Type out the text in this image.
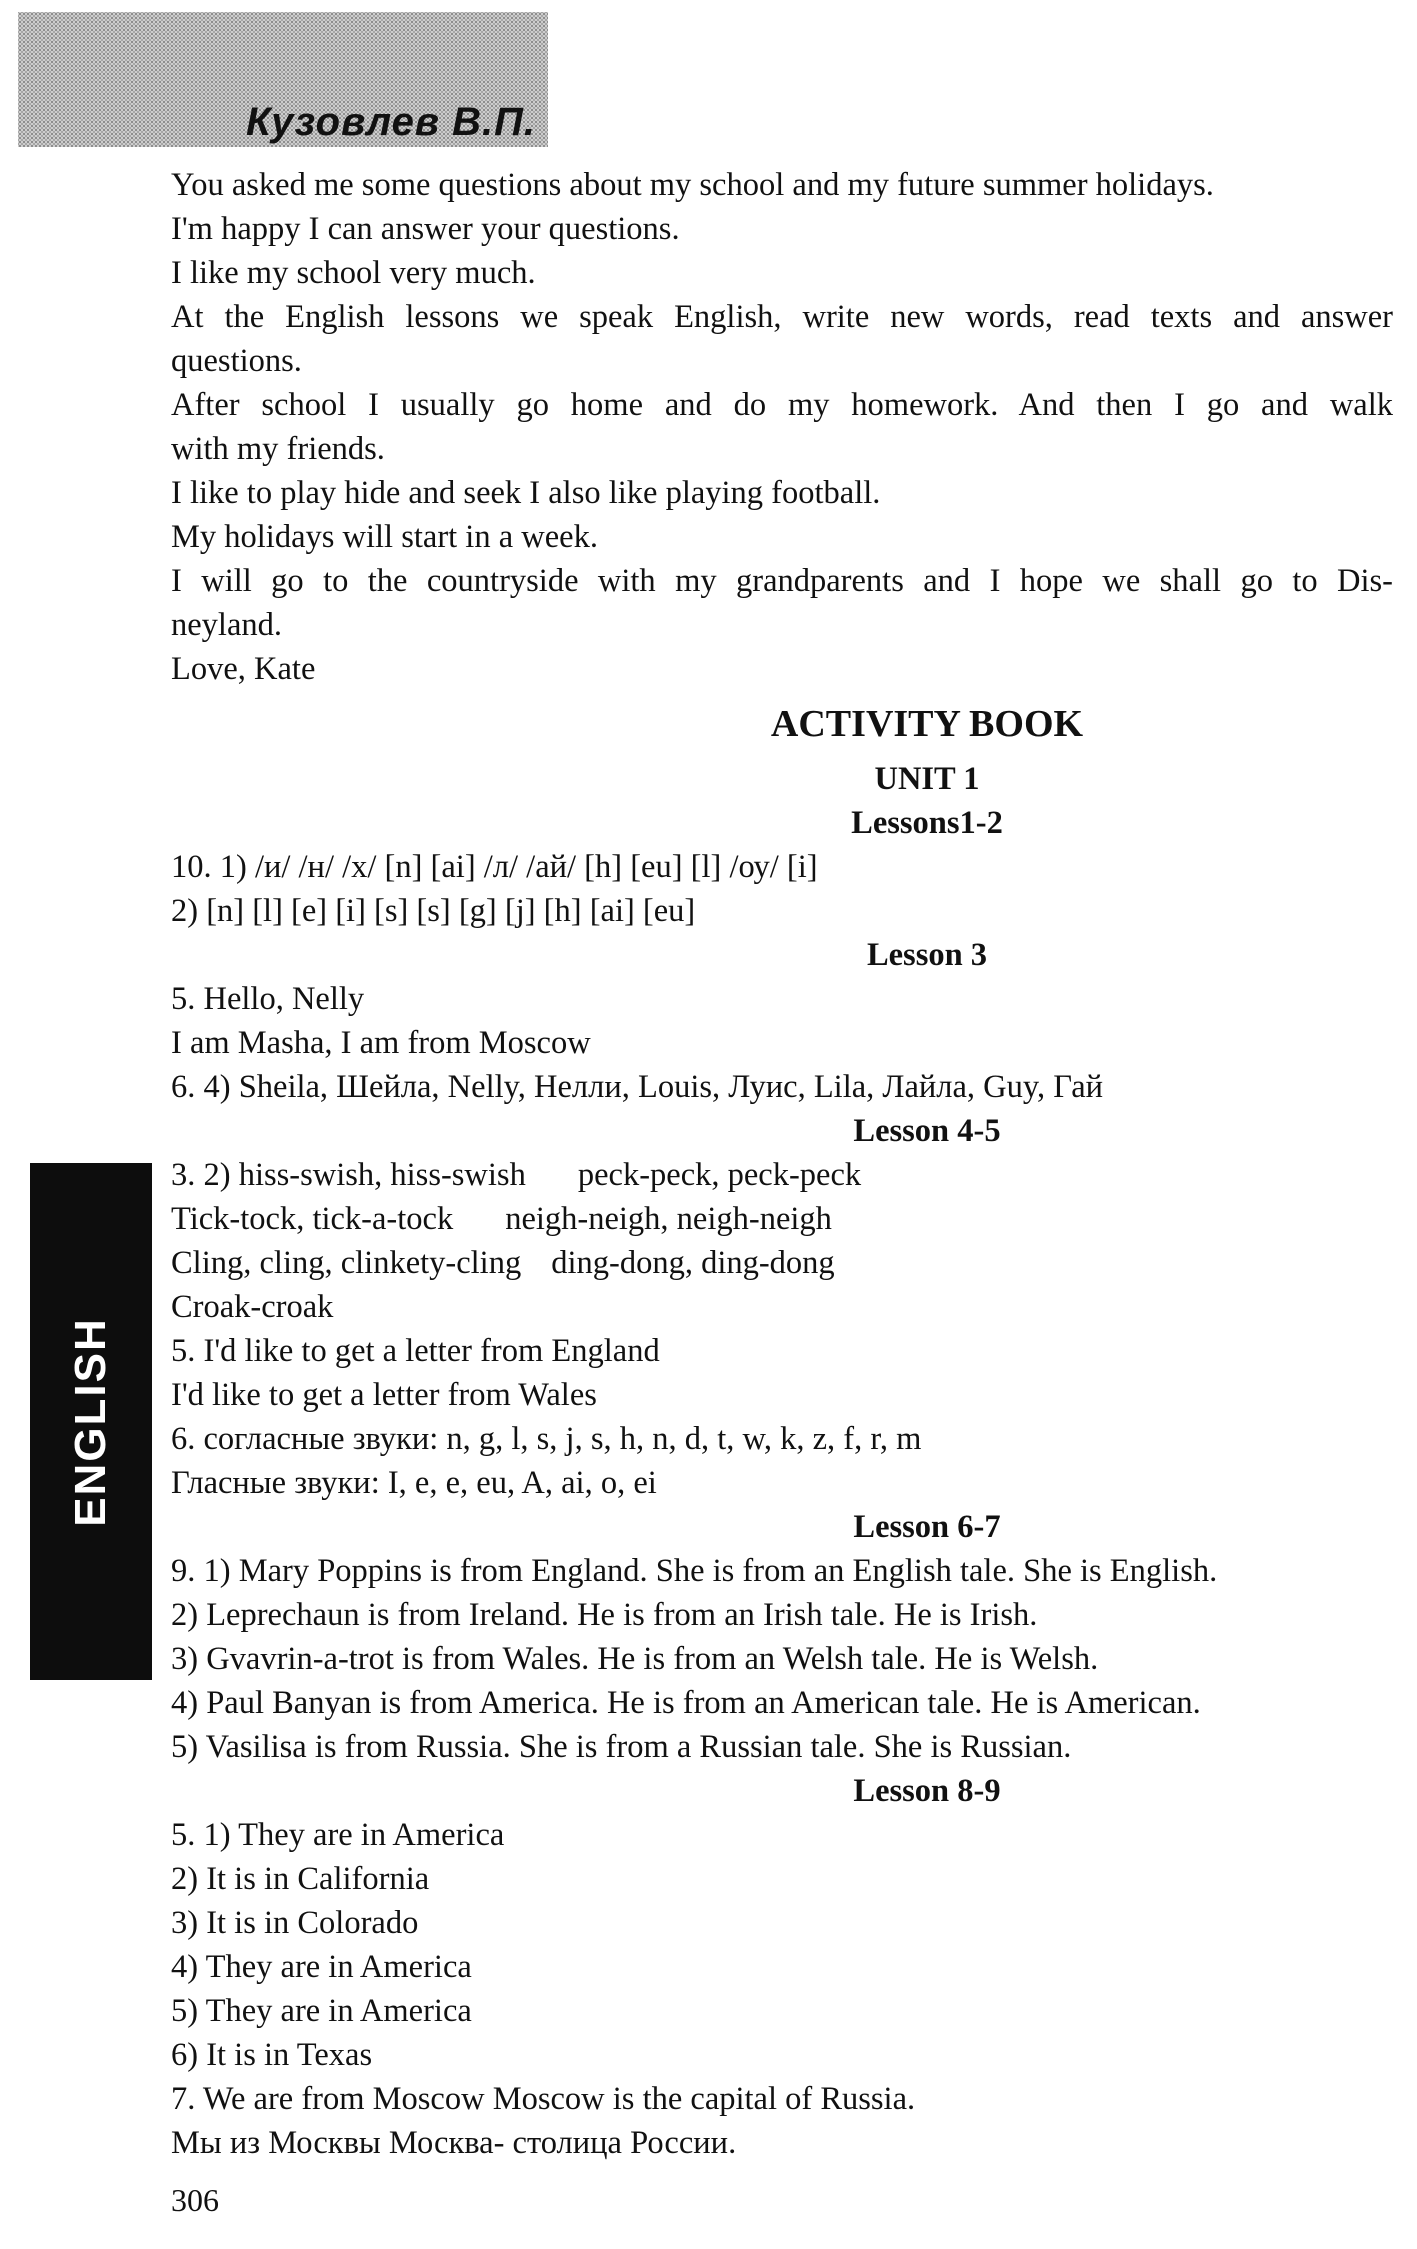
Кузовлев В.П.
ENGLISH
You asked me some questions about my school and my future summer holidays.
I'm happy I can answer your questions.
I like my school very much.
At the English lessons we speak English, write new words, read texts and answer
questions.
After school I usually go home and do my homework. And then I go and walk
with my friends.
I like to play hide and seek I also like playing football.
My holidays will start in a week.
I will go to the countryside with my grandparents and I hope we shall go to Dis-
neyland.
Love, Kate
ACTIVITY BOOK
UNIT 1
Lessons1-2
10. 1) /и/ /н/ /х/ [n] [ai] /л/ /ай/ [h] [eu] [l] /оу/ [i]
2) [n] [l] [e] [i] [s] [s] [g] [j] [h] [ai] [eu]
Lesson 3
5. Hello, Nelly
I am Masha, I am from Moscow
6. 4) Sheila, Шейла, Nelly, Нелли, Louis, Луис, Lila, Лайла, Guy, Гай
Lesson 4-5
3. 2) hiss-swish, hiss-swish peck-peck, peck-peck
Tick-tock, tick-a-tock neigh-neigh, neigh-neigh
Cling, cling, clinkety-cling ding-dong, ding-dong
Croak-croak
5. I'd like to get a letter from England
I'd like to get a letter from Wales
6. согласные звуки: n, g, l, s, j, s, h, n, d, t, w, k, z, f, r, m
Гласные звуки: I, e, e, eu, A, ai, o, ei
Lesson 6-7
9. 1) Mary Poppins is from England. She is from an English tale. She is English.
2) Leprechaun is from Ireland. He is from an Irish tale. He is Irish.
3) Gvavrin-a-trot is from Wales. He is from an Welsh tale. He is Welsh.
4) Paul Banyan is from America. He is from an American tale. He is American.
5) Vasilisa is from Russia. She is from a Russian tale. She is Russian.
Lesson 8-9
5. 1) They are in America
2) It is in California
3) It is in Colorado
4) They are in America
5) They are in America
6) It is in Texas
7. We are from Moscow Moscow is the capital of Russia.
Мы из Москвы Москва- столица России.
306
